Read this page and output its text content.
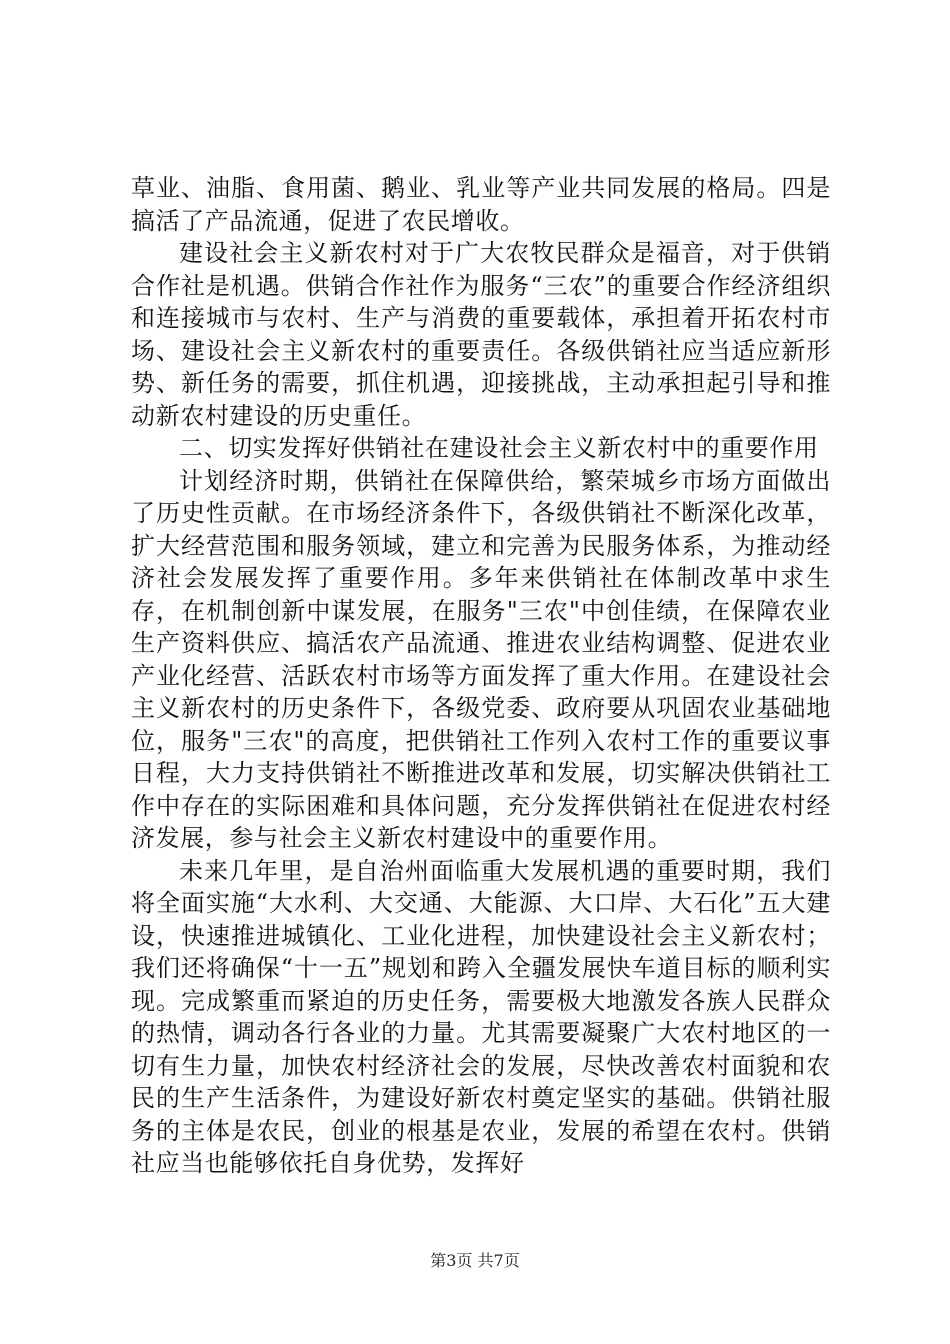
草业、油脂、食用菌、鹅业、乳业等产业共同发展的格局。四是搞活了产品流通，促进了农民增收。

建设社会主义新农村对于广大农牧民群众是福音，对于供销合作社是机遇。供销合作社作为服务“三农”的重要合作经济组织和连接城市与农村、生产与消费的重要载体，承担着开拓农村市场、建设社会主义新农村的重要责任。各级供销社应当适应新形势、新任务的需要，抓住机遇，迎接挑战，主动承担起引导和推动新农村建设的历史重任。

二、切实发挥好供销社在建设社会主义新农村中的重要作用

计划经济时期，供销社在保障供给，繁荣城乡市场方面做出了历史性贡献。在市场经济条件下，各级供销社不断深化改革，扩大经营范围和服务领域，建立和完善为民服务体系，为推动经济社会发展发挥了重要作用。多年来供销社在体制改革中求生存，在机制创新中谋发展，在服务"三农"中创佳绩，在保障农业生产资料供应、搞活农产品流通、推进农业结构调整、促进农业产业化经营、活跃农村市场等方面发挥了重大作用。在建设社会主义新农村的历史条件下，各级党委、政府要从巩固农业基础地位，服务"三农"的高度，把供销社工作列入农村工作的重要议事日程，大力支持供销社不断推进改革和发展，切实解决供销社工作中存在的实际困难和具体问题，充分发挥供销社在促进农村经济发展，参与社会主义新农村建设中的重要作用。

未来几年里，是自治州面临重大发展机遇的重要时期，我们将全面实施“大水利、大交通、大能源、大口岸、大石化”五大建设，快速推进城镇化、工业化进程，加快建设社会主义新农村；我们还将确保“十一五”规划和跨入全疆发展快车道目标的顺利实现。完成繁重而紧迫的历史任务，需要极大地激发各族人民群众的热情，调动各行各业的力量。尤其需要凝聚广大农村地区的一切有生力量，加快农村经济社会的发展，尽快改善农村面貌和农民的生产生活条件，为建设好新农村奠定坚实的基础。供销社服务的主体是农民，创业的根基是农业，发展的希望在农村。供销社应当也能够依托自身优势，发挥好

第3页 共7页
